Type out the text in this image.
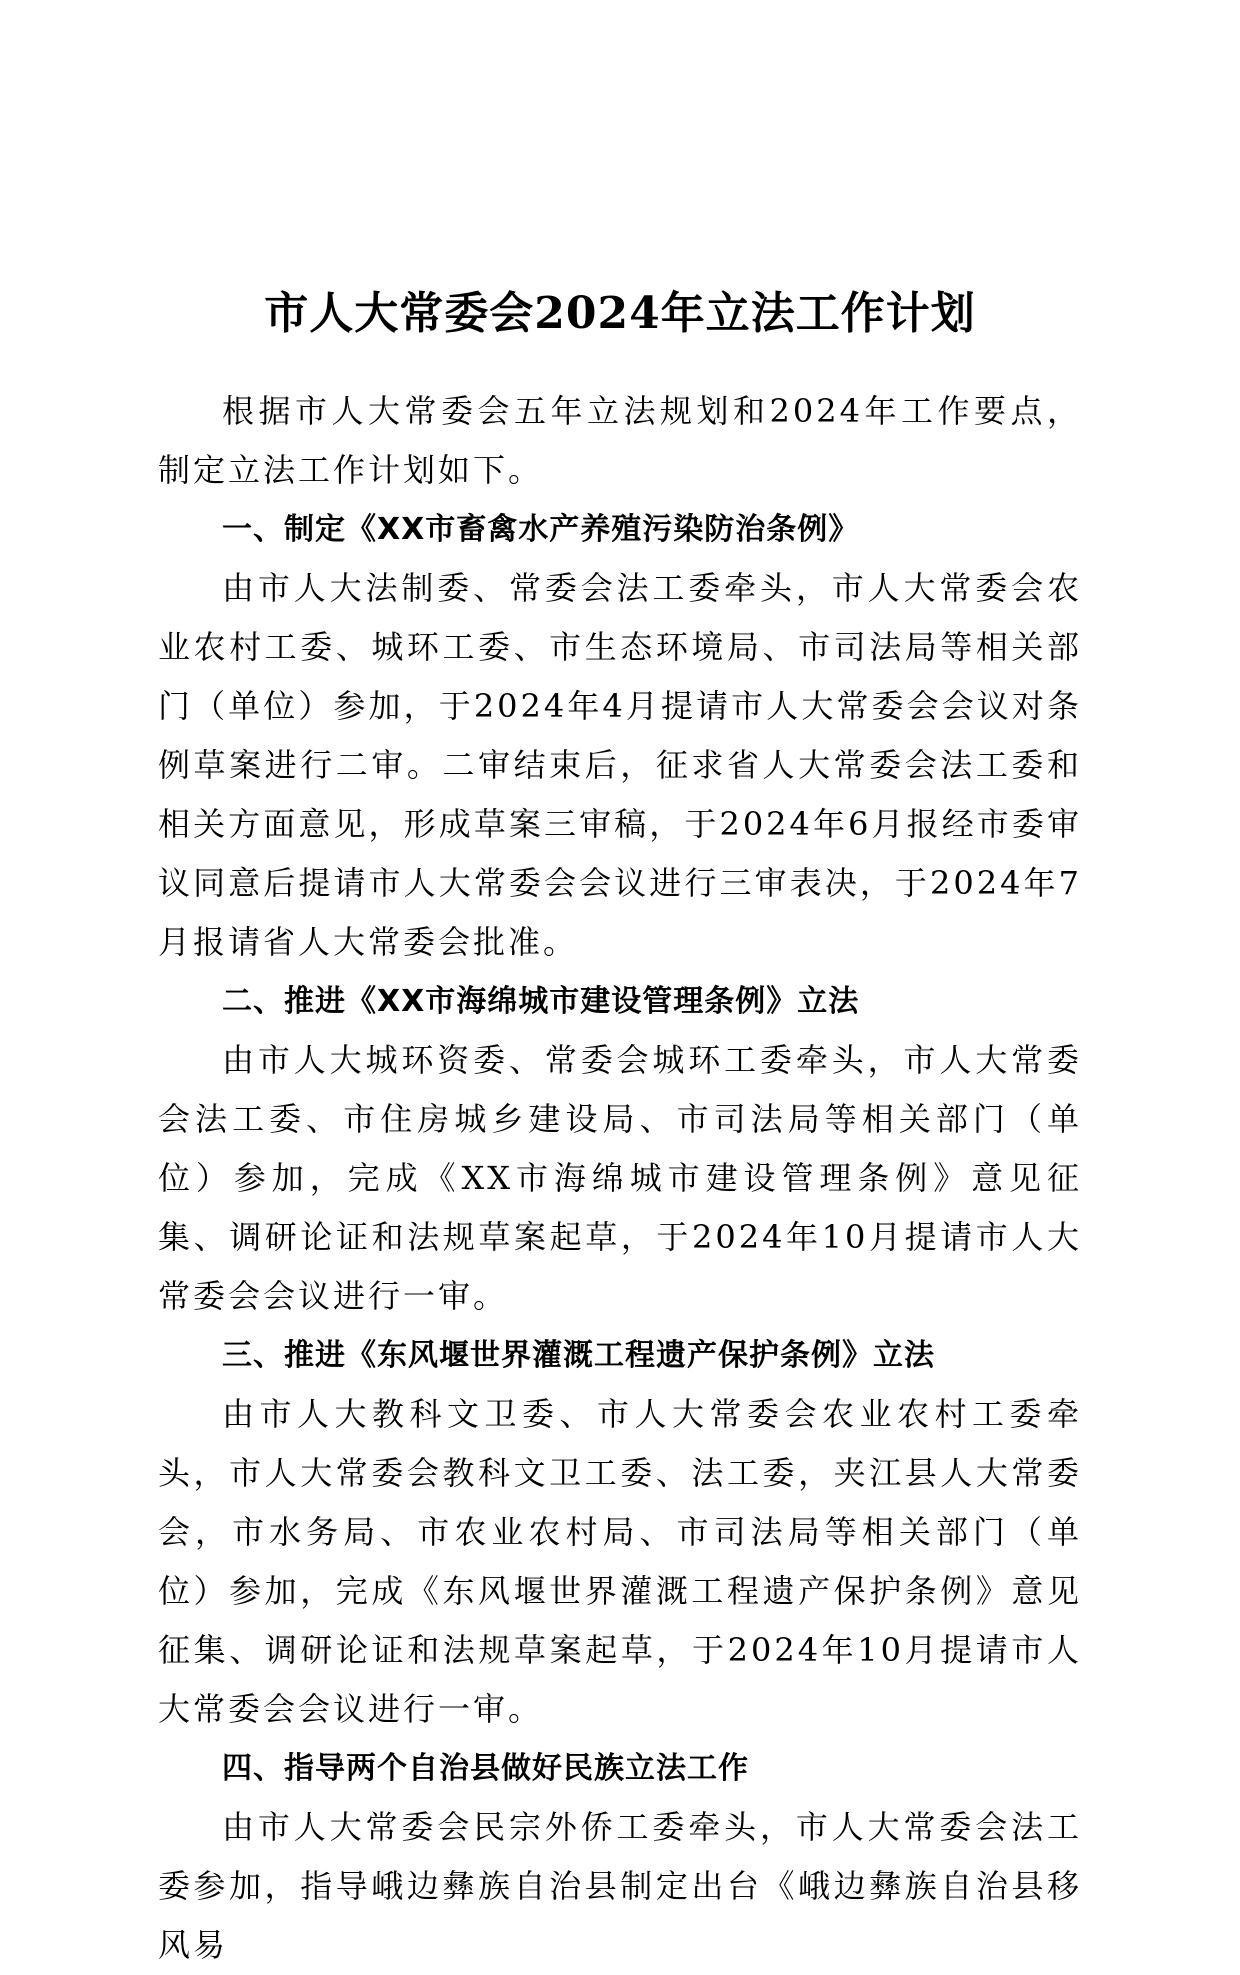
市人大常委会2024年立法工作计划

根据市人大常委会五年立法规划和2024年工作要点，制定立法工作计划如下。

一、制定《XX市畜禽水产养殖污染防治条例》

由市人大法制委、常委会法工委牵头，市人大常委会农业农村工委、城环工委、市生态环境局、市司法局等相关部门（单位）参加，于2024年4月提请市人大常委会会议对条例草案进行二审。二审结束后，征求省人大常委会法工委和相关方面意见，形成草案三审稿，于2024年6月报经市委审议同意后提请市人大常委会会议进行三审表决，于2024年7月报请省人大常委会批准。

二、推进《XX市海绵城市建设管理条例》立法

由市人大城环资委、常委会城环工委牵头，市人大常委会法工委、市住房城乡建设局、市司法局等相关部门（单位）参加，完成《XX市海绵城市建设管理条例》意见征集、调研论证和法规草案起草，于2024年10月提请市人大常委会会议进行一审。

三、推进《东风堰世界灌溉工程遗产保护条例》立法

由市人大教科文卫委、市人大常委会农业农村工委牵头，市人大常委会教科文卫工委、法工委，夹江县人大常委会，市水务局、市农业农村局、市司法局等相关部门（单位）参加，完成《东风堰世界灌溉工程遗产保护条例》意见征集、调研论证和法规草案起草，于2024年10月提请市人大常委会会议进行一审。

四、指导两个自治县做好民族立法工作

由市人大常委会民宗外侨工委牵头，市人大常委会法工委参加，指导峨边彝族自治县制定出台《峨边彝族自治县移风易
